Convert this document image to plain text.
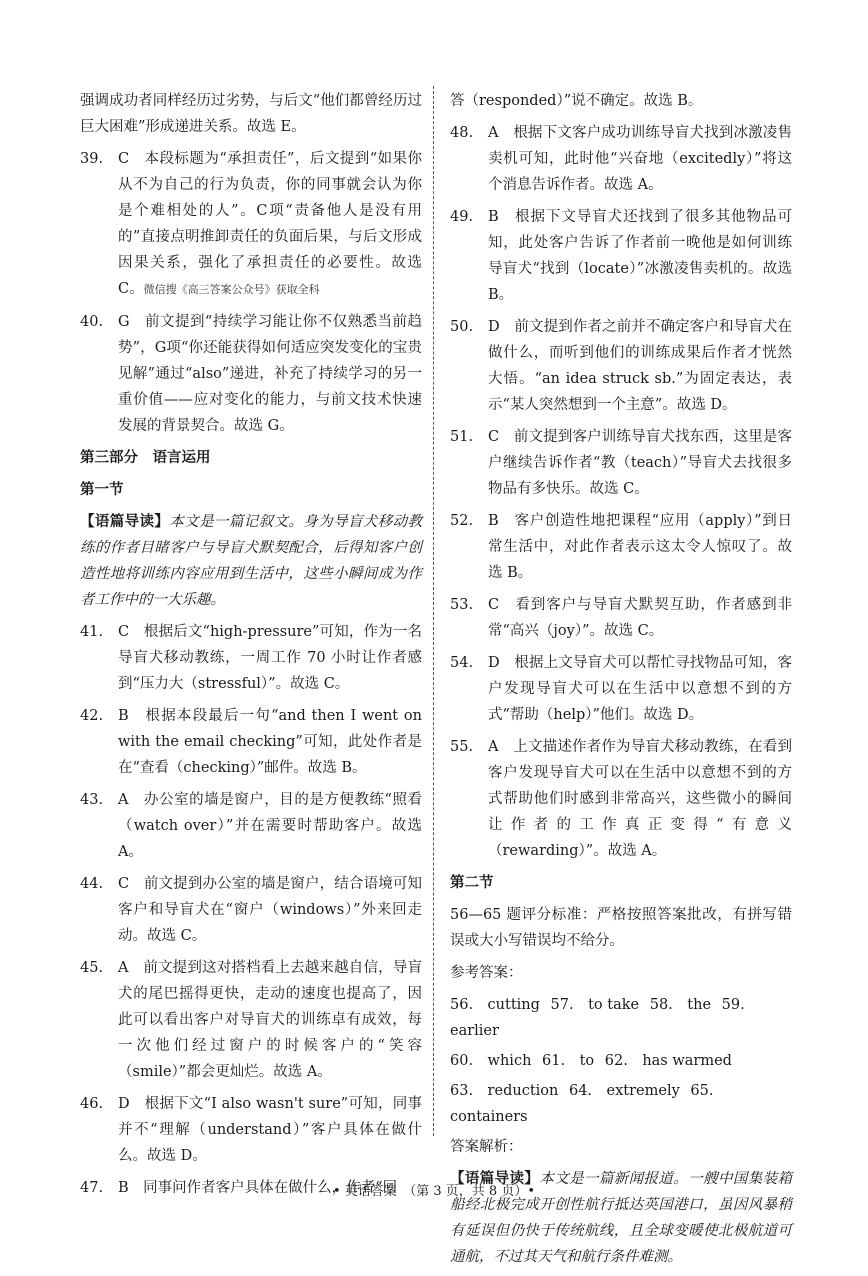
强调成功者同样经历过劣势，与后文“他们都曾经历过巨大困难”形成递进关系。故选 E。

39.	C　本段标题为“承担责任”，后文提到“如果你从不为自己的行为负责，你的同事就会认为你是个难相处的人”。C项“责备他人是没有用的”直接点明推卸责任的负面后果，与后文形成因果关系，强化了承担责任的必要性。故选 C。微信搜《高三答案公众号》获取全科
40.	G　前文提到“持续学习能让你不仅熟悉当前趋势”，G项“你还能获得如何适应突发变化的宝贵见解”通过“also”递进，补充了持续学习的另一重价值——应对变化的能力，与前文技术快速发展的背景契合。故选 G。
第三部分　语言运用
第一节
【语篇导读】本文是一篇记叙文。身为导盲犬移动教练的作者目睹客户与导盲犬默契配合，后得知客户创造性地将训练内容应用到生活中，这些小瞬间成为作者工作中的一大乐趣。
41.	C　根据后文“high-pressure”可知，作为一名导盲犬移动教练，一周工作 70 小时让作者感到“压力大（stressful）”。故选 C。
42.	B　根据本段最后一句“and then I went on with the email checking”可知，此处作者是在“查看（checking）”邮件。故选 B。
43.	A　办公室的墙是窗户，目的是方便教练“照看（watch over）”并在需要时帮助客户。故选 A。
44.	C　前文提到办公室的墙是窗户，结合语境可知客户和导盲犬在“窗户（windows）”外来回走动。故选 C。
45.	A　前文提到这对搭档看上去越来越自信，导盲犬的尾巴摇得更快，走动的速度也提高了，因此可以看出客户对导盲犬的训练卓有成效，每一次他们经过窗户的时候客户的“笑容（smile）”都会更灿烂。故选 A。
46.	D　根据下文“I also wasn't sure”可知，同事并不“理解（understand）”客户具体在做什么。故选 D。
47.	B　同事问作者客户具体在做什么，作者“回

答（responded）”说不确定。故选 B。

48.	A　根据下文客户成功训练导盲犬找到冰激凌售卖机可知，此时他“兴奋地（excitedly）”将这个消息告诉作者。故选 A。
49.	B　根据下文导盲犬还找到了很多其他物品可知，此处客户告诉了作者前一晚他是如何训练导盲犬“找到（locate）”冰激凌售卖机的。故选 B。
50.	D　前文提到作者之前并不确定客户和导盲犬在做什么，而听到他们的训练成果后作者才恍然大悟。“an idea struck sb.”为固定表达，表示“某人突然想到一个主意”。故选 D。
51.	C　前文提到客户训练导盲犬找东西，这里是客户继续告诉作者“教（teach）”导盲犬去找很多物品有多快乐。故选 C。
52.	B　客户创造性地把课程“应用（apply）”到日常生活中，对此作者表示这太令人惊叹了。故选 B。
53.	C　看到客户与导盲犬默契互助，作者感到非常“高兴（joy）”。故选 C。
54.	D　根据上文导盲犬可以帮忙寻找物品可知，客户发现导盲犬可以在生活中以意想不到的方式“帮助（help）”他们。故选 D。
55.	A　上文描述作者作为导盲犬移动教练，在看到客户发现导盲犬可以在生活中以意想不到的方式帮助他们时感到非常高兴，这些微小的瞬间让作者的工作真正变得“有意义（rewarding）”。故选 A。
第二节

56—65 题评分标准：严格按照答案批改，有拼写错误或大小写错误均不给分。

参考答案：

56.　cutting 57.　to take 58.　the 59.　earlier
60.　which 61.　to 62.　has warmed
63.　reduction 64.　extremely 65.　containers

答案解析：

【语篇导读】本文是一篇新闻报道。一艘中国集装箱船经北极完成开创性航行抵达英国港口，虽因风暴稍有延误但仍快于传统航线，且全球变暖使北极航道可通航，不过其天气和航行条件难测。
• 英语答案　（第 3 页，共 8 页）•
